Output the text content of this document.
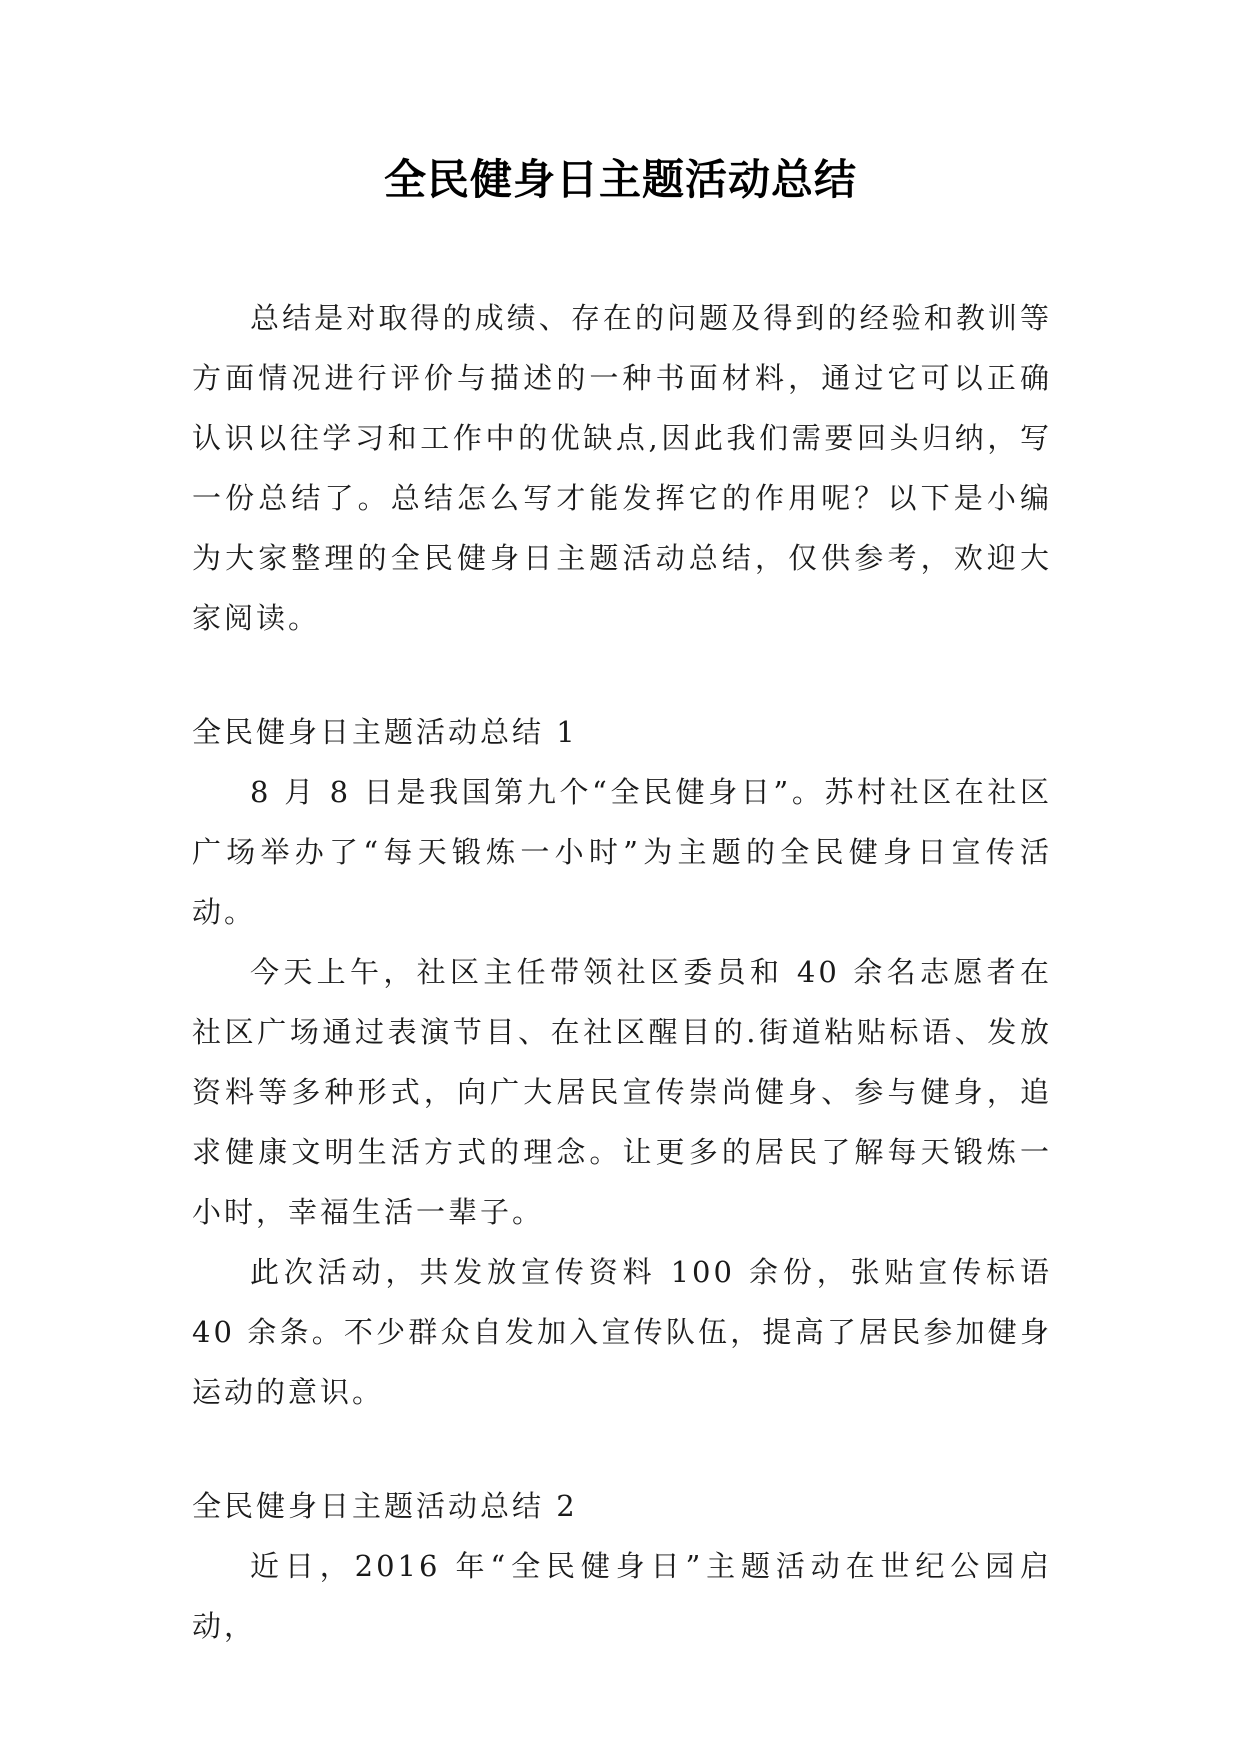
全民健身日主题活动总结

总结是对取得的成绩、存在的问题及得到的经验和教训等方面情况进行评价与描述的一种书面材料，通过它可以正确认识以往学习和工作中的优缺点,因此我们需要回头归纳，写一份总结了。总结怎么写才能发挥它的作用呢？以下是小编为大家整理的全民健身日主题活动总结，仅供参考，欢迎大家阅读。

全民健身日主题活动总结 1

8 月 8 日是我国第九个“全民健身日”。苏村社区在社区广场举办了“每天锻炼一小时”为主题的全民健身日宣传活动。

今天上午，社区主任带领社区委员和 40 余名志愿者在社区广场通过表演节目、在社区醒目的.街道粘贴标语、发放资料等多种形式，向广大居民宣传崇尚健身、参与健身，追求健康文明生活方式的理念。让更多的居民了解每天锻炼一小时，幸福生活一辈子。

此次活动，共发放宣传资料 100 余份，张贴宣传标语 40 余条。不少群众自发加入宣传队伍，提高了居民参加健身运动的意识。

全民健身日主题活动总结 2

近日，2016 年“全民健身日”主题活动在世纪公园启动，
